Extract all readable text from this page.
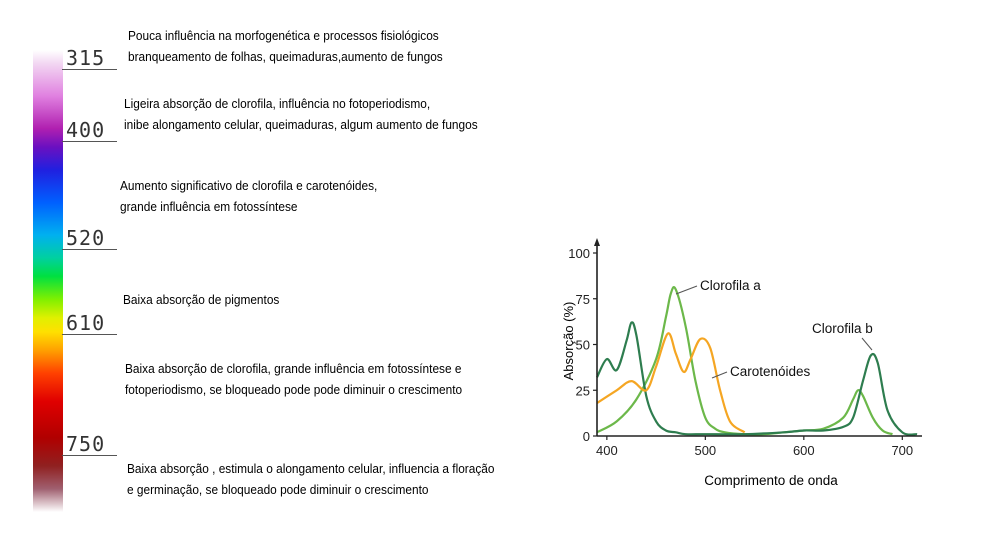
315
400
520
610
750
Pouca influência na morfogenética e processos fisiológicos
branqueamento de folhas, queimaduras,aumento de fungos
Ligeira absorção de clorofila, influência no fotoperiodismo,
inibe alongamento celular, queimaduras, algum aumento de fungos
Aumento significativo de clorofila e carotenóides,
grande influência em fotossíntese
Baixa absorção de pigmentos
Baixa absorção de clorofila, grande influência em fotossíntese e
fotoperiodismo, se bloqueado pode pode diminuir o crescimento
Baixa absorção , estimula o alongamento celular, influencia a floração
e germinação, se bloqueado pode diminuir o crescimento
0
25
50
75
100
400	500	600	700
Comprimento de onda
Absorção (%)
Clorofila a
Clorofila b
Carotenóides
